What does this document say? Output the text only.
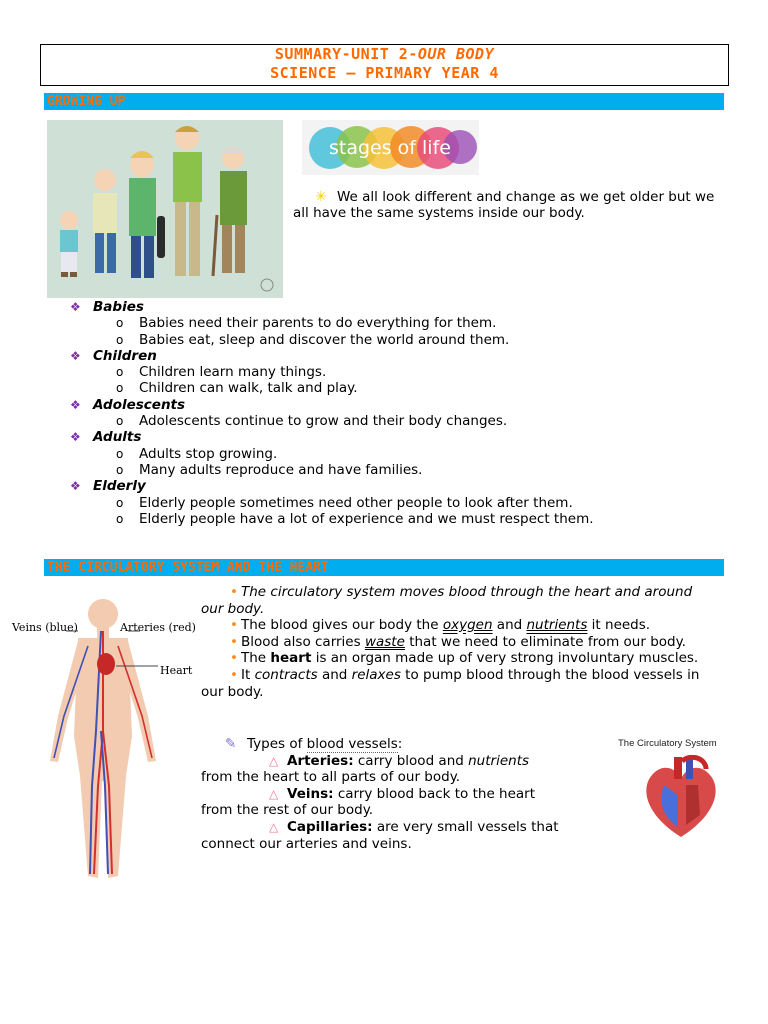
SUMMARY-UNIT 2-OUR BODY
SCIENCE – PRIMARY YEAR 4
GROWING UP
stages of life
✳ We all look different and change as we get older but we all have the same systems inside our body.
❖ Babies
o Babies need their parents to do everything for them.
o Babies eat, sleep and discover the world around them.
❖ Children
o Children learn many things.
o Children can walk, talk and play.
❖ Adolescents
o Adolescents continue to grow and their body changes.
❖ Adults
o Adults stop growing.
o Many adults reproduce and have families.
❖ Elderly
o Elderly people sometimes need other people to look after them.
o Elderly people have a lot of experience and we must respect them.
THE CIRCULATORY SYSTEM AND THE HEART
Veins (blue)	Arteries (red)
Heart

• The circulatory system moves blood through the heart and around our body.

• The blood gives our body the oxygen and nutrients it needs.

• Blood also carries waste that we need to eliminate from our body.

• The heart is an organ made up of very strong involuntary muscles.

• It contracts and relaxes to pump blood through the blood vessels in our body.

✎ Types of blood vessels:

△ Arteries: carry blood and nutrients

from the heart to all parts of our body.

△ Veins: carry blood back to the heart

from the rest of our body.

△ Capillaries: are very small vessels that

connect our arteries and veins.

The Circulatory System
